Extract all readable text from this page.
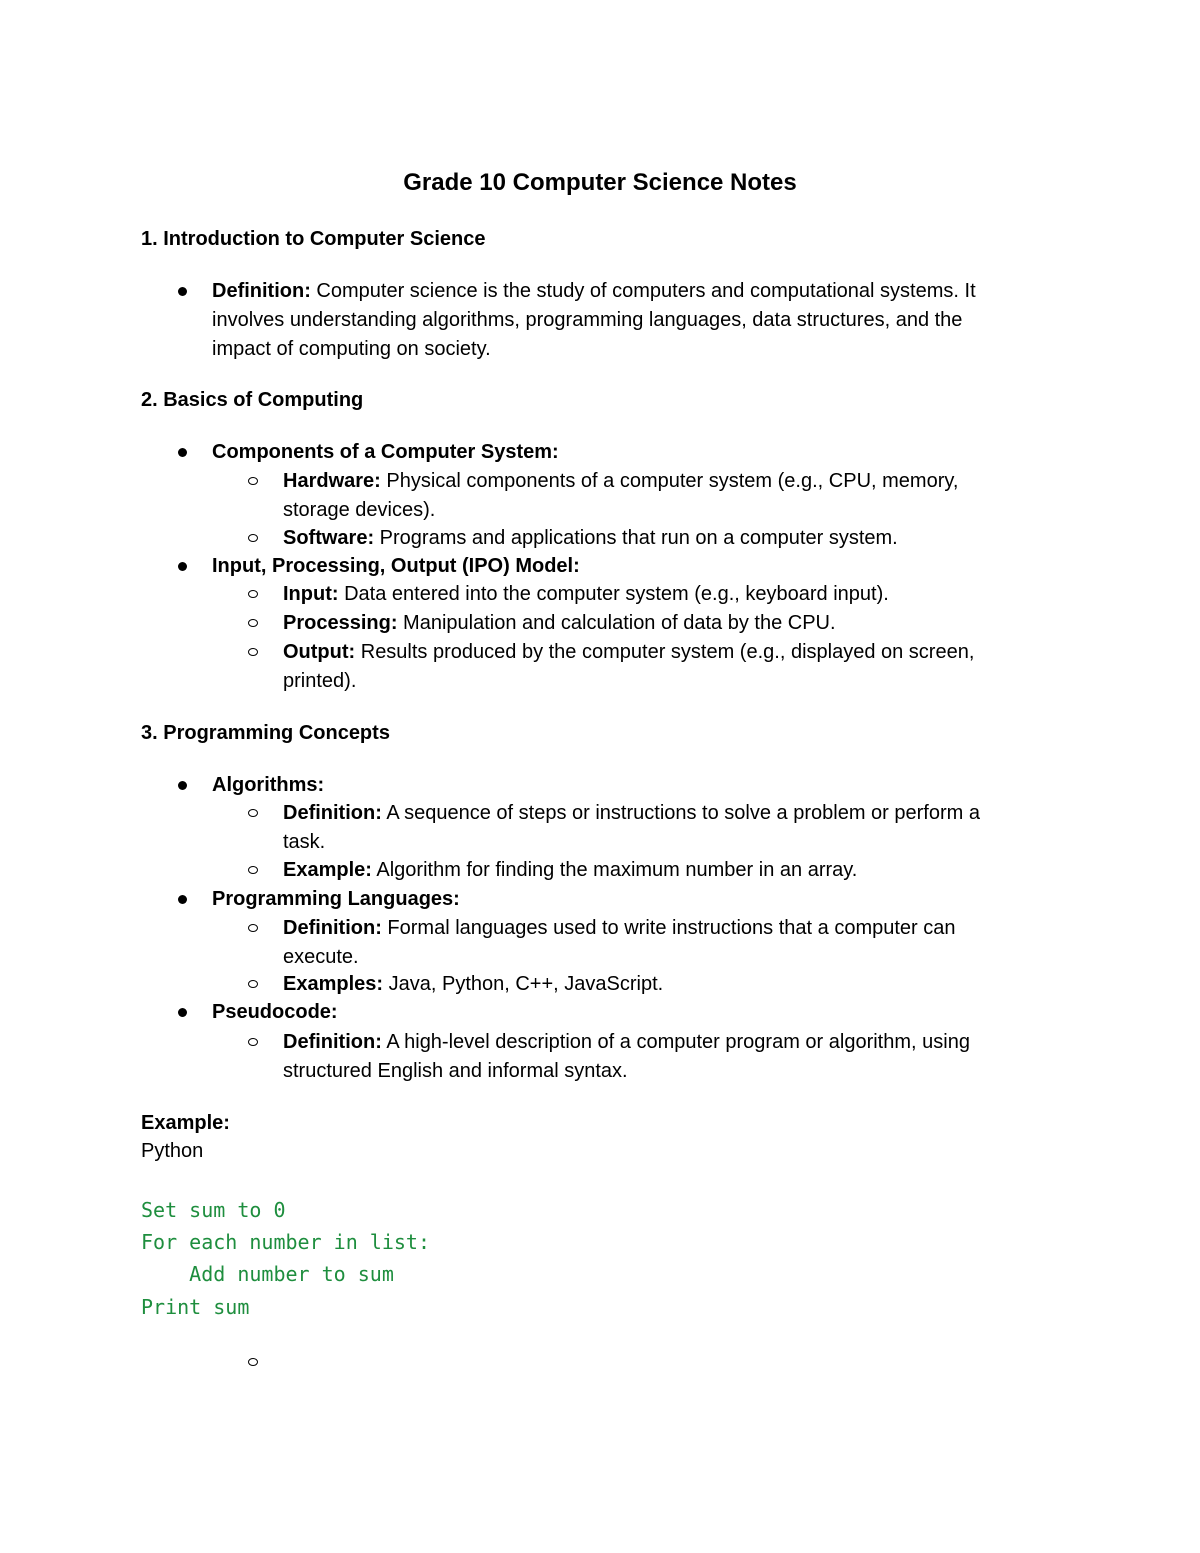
Grade 10 Computer Science Notes
1. Introduction to Computer Science
Definition: Computer science is the study of computers and computational systems. It
involves understanding algorithms, programming languages, data structures, and the
impact of computing on society.
2. Basics of Computing
Components of a Computer System:
Hardware: Physical components of a computer system (e.g., CPU, memory,
storage devices).
Software: Programs and applications that run on a computer system.
Input, Processing, Output (IPO) Model:
Input: Data entered into the computer system (e.g., keyboard input).
Processing: Manipulation and calculation of data by the CPU.
Output: Results produced by the computer system (e.g., displayed on screen,
printed).
3. Programming Concepts
Algorithms:
Definition: A sequence of steps or instructions to solve a problem or perform a
task.
Example: Algorithm for finding the maximum number in an array.
Programming Languages:
Definition: Formal languages used to write instructions that a computer can
execute.
Examples: Java, Python, C++, JavaScript.
Pseudocode:
Definition: A high-level description of a computer program or algorithm, using
structured English and informal syntax.
Example:
Python
Set sum to 0
For each number in list:
Add number to sum
Print sum
